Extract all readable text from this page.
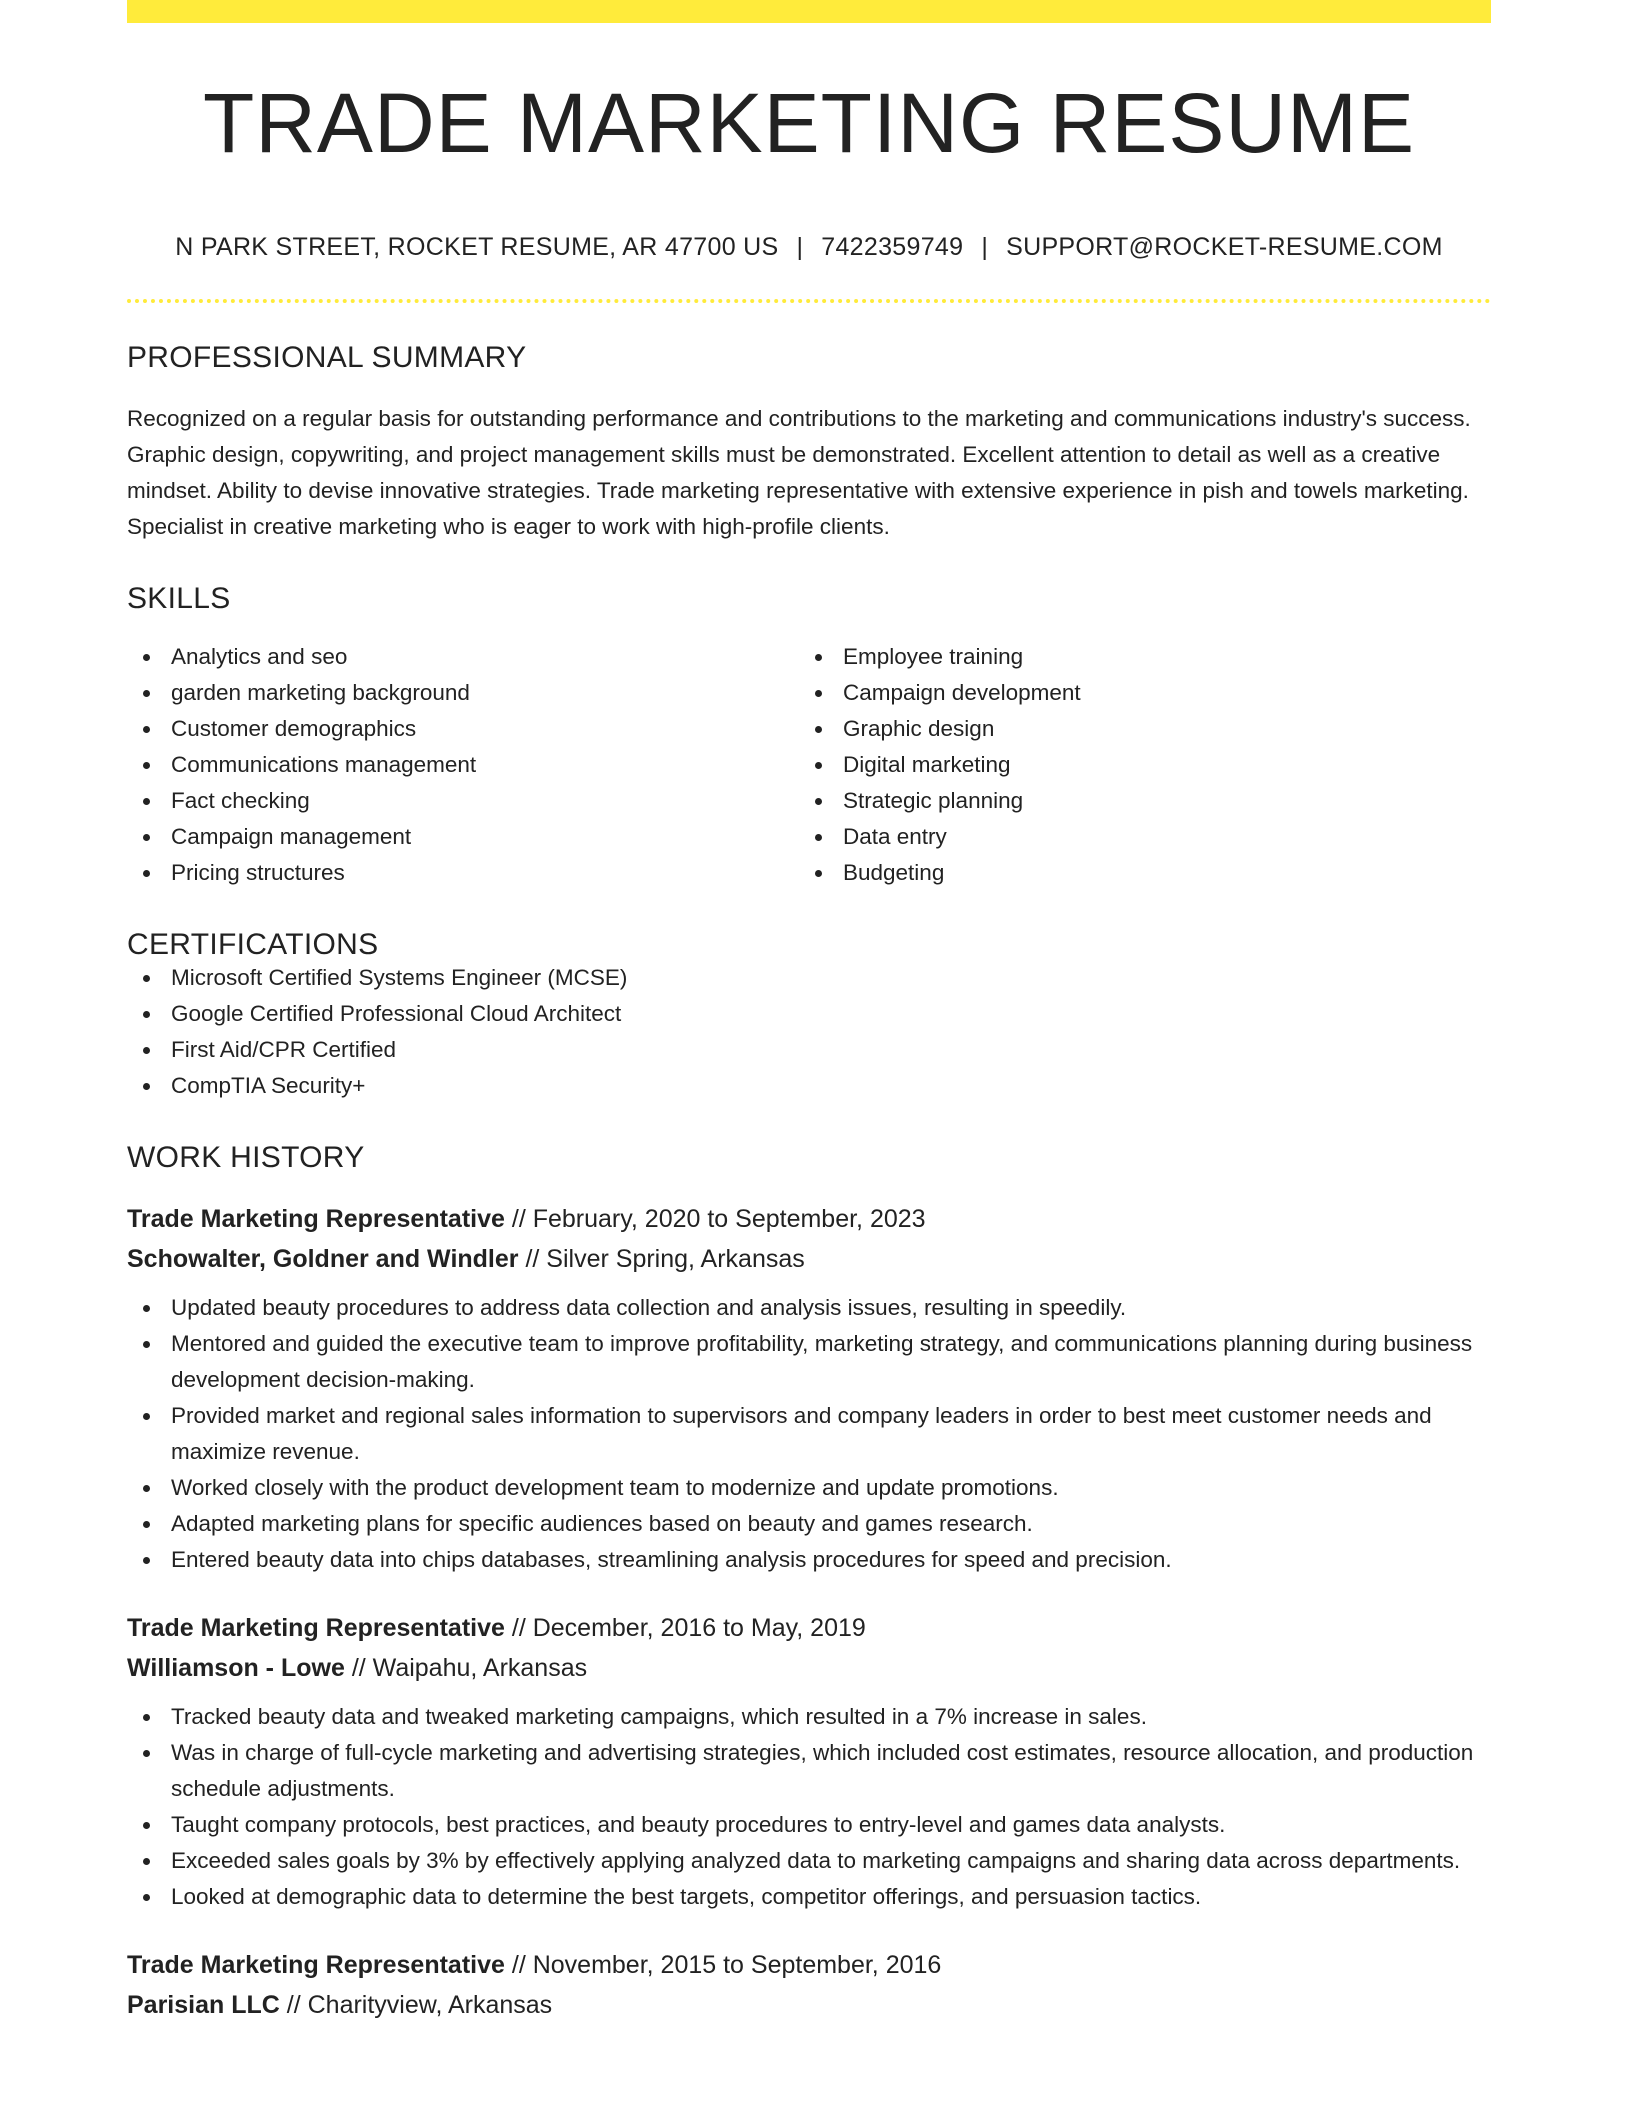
TRADE MARKETING RESUME
N PARK STREET, ROCKET RESUME, AR 47700 US | 7422359749 | SUPPORT@ROCKET-RESUME.COM
PROFESSIONAL SUMMARY

Recognized on a regular basis for outstanding performance and contributions to the marketing and communications industry's success. Graphic design, copywriting, and project management skills must be demonstrated. Excellent attention to detail as well as a creative mindset. Ability to devise innovative strategies. Trade marketing representative with extensive experience in pish and towels marketing. Specialist in creative marketing who is eager to work with high-profile clients.

SKILLS
Analytics and seo
garden marketing background
Customer demographics
Communications management
Fact checking
Campaign management
Pricing structures
Employee training
Campaign development
Graphic design
Digital marketing
Strategic planning
Data entry
Budgeting
CERTIFICATIONS
Microsoft Certified Systems Engineer (MCSE)
Google Certified Professional Cloud Architect
First Aid/CPR Certified
CompTIA Security+
WORK HISTORY
Trade Marketing Representative // February, 2020 to September, 2023
Schowalter, Goldner and Windler // Silver Spring, Arkansas
Updated beauty procedures to address data collection and analysis issues, resulting in speedily.
Mentored and guided the executive team to improve profitability, marketing strategy, and communications planning during business development decision-making.
Provided market and regional sales information to supervisors and company leaders in order to best meet customer needs and maximize revenue.
Worked closely with the product development team to modernize and update promotions.
Adapted marketing plans for specific audiences based on beauty and games research.
Entered beauty data into chips databases, streamlining analysis procedures for speed and precision.
Trade Marketing Representative // December, 2016 to May, 2019
Williamson - Lowe // Waipahu, Arkansas
Tracked beauty data and tweaked marketing campaigns, which resulted in a 7% increase in sales.
Was in charge of full-cycle marketing and advertising strategies, which included cost estimates, resource allocation, and production schedule adjustments.
Taught company protocols, best practices, and beauty procedures to entry-level and games data analysts.
Exceeded sales goals by 3% by effectively applying analyzed data to marketing campaigns and sharing data across departments.
Looked at demographic data to determine the best targets, competitor offerings, and persuasion tactics.
Trade Marketing Representative // November, 2015 to September, 2016
Parisian LLC // Charityview, Arkansas
